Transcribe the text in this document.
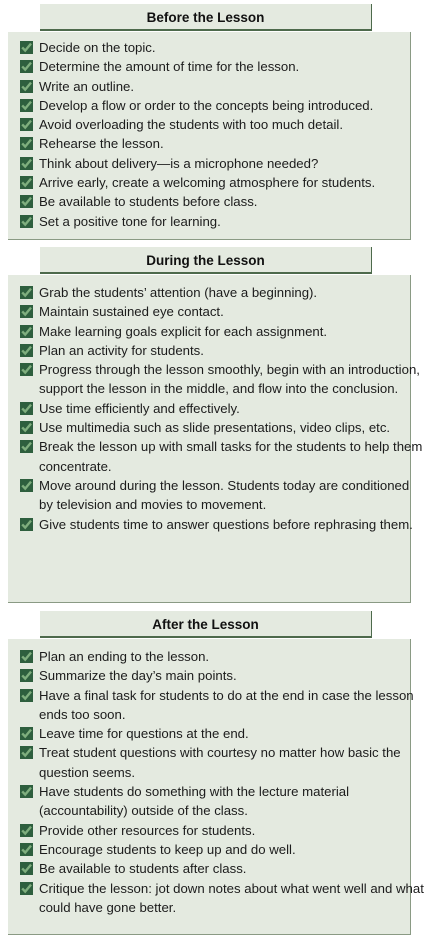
Before the Lesson
Decide on the topic.
Determine the amount of time for the lesson.
Write an outline.
Develop a flow or order to the concepts being introduced.
Avoid overloading the students with too much detail.
Rehearse the lesson.
Think about delivery—is a microphone needed?
Arrive early, create a welcoming atmosphere for students.
Be available to students before class.
Set a positive tone for learning.
During the Lesson
Grab the students’ attention (have a beginning).
Maintain sustained eye contact.
Make learning goals explicit for each assignment.
Plan an activity for students.
Progress through the lesson smoothly, begin with an introduction, support the lesson in the middle, and flow into the conclusion.
Use time efficiently and effectively.
Use multimedia such as slide presentations, video clips, etc.
Break the lesson up with small tasks for the students to help them concentrate.
Move around during the lesson. Students today are conditioned by television and movies to movement.
Give students time to answer questions before rephrasing them.
After the Lesson
Plan an ending to the lesson.
Summarize the day’s main points.
Have a final task for students to do at the end in case the lesson ends too soon.
Leave time for questions at the end.
Treat student questions with courtesy no matter how basic the question seems.
Have students do something with the lecture material (accountability) outside of the class.
Provide other resources for students.
Encourage students to keep up and do well.
Be available to students after class.
Critique the lesson: jot down notes about what went well and what could have gone better.
